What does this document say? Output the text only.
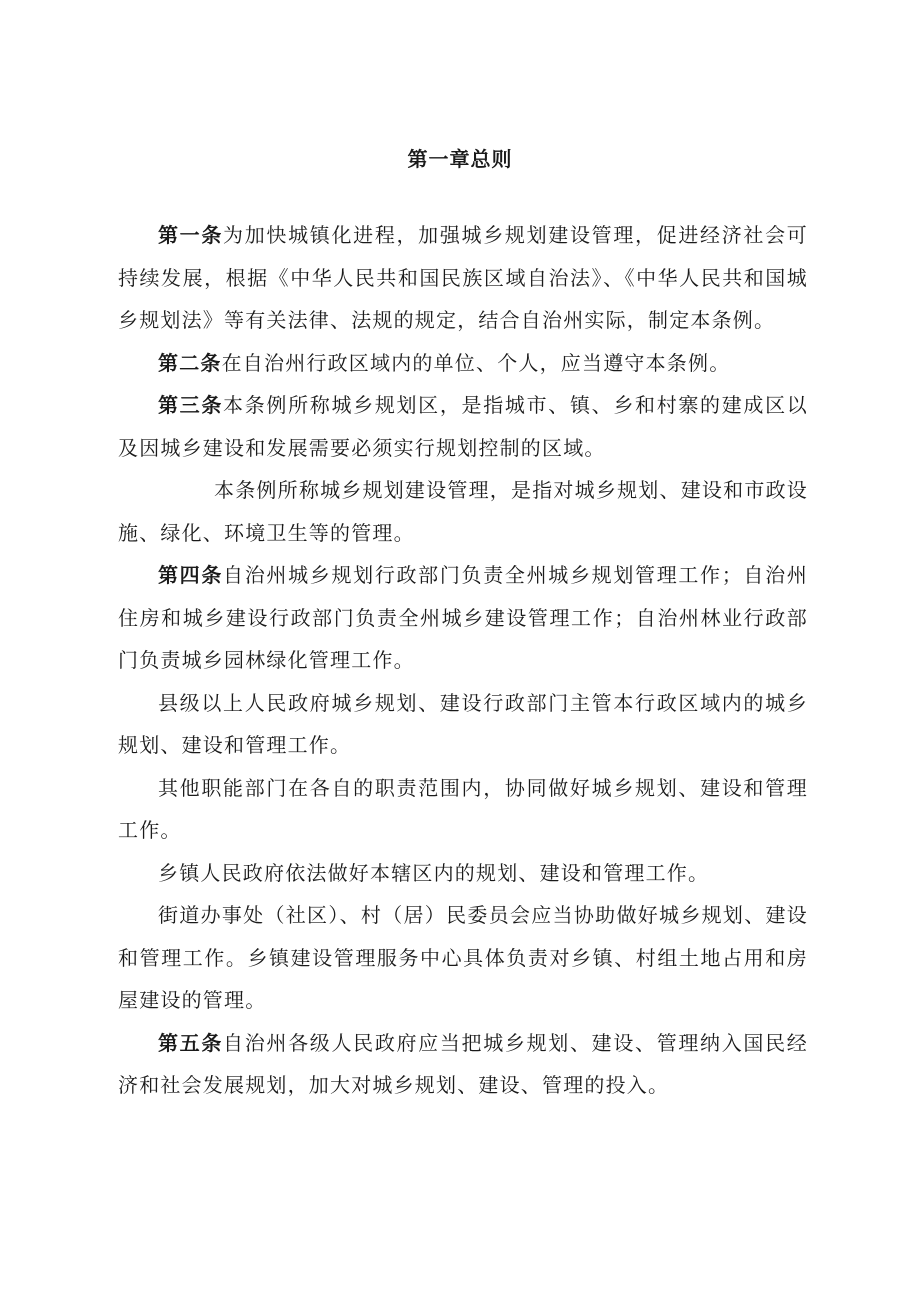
第一章总则

第一条为加快城镇化进程，加强城乡规划建设管理，促进经济社会可持续发展，根据《中华人民共和国民族区域自治法》、《中华人民共和国城乡规划法》等有关法律、法规的规定，结合自治州实际，制定本条例。

第二条在自治州行政区域内的单位、个人，应当遵守本条例。

第三条本条例所称城乡规划区，是指城市、镇、乡和村寨的建成区以及因城乡建设和发展需要必须实行规划控制的区域。

本条例所称城乡规划建设管理，是指对城乡规划、建设和市政设施、绿化、环境卫生等的管理。

第四条自治州城乡规划行政部门负责全州城乡规划管理工作；自治州住房和城乡建设行政部门负责全州城乡建设管理工作；自治州林业行政部门负责城乡园林绿化管理工作。

县级以上人民政府城乡规划、建设行政部门主管本行政区域内的城乡规划、建设和管理工作。

其他职能部门在各自的职责范围内，协同做好城乡规划、建设和管理工作。

乡镇人民政府依法做好本辖区内的规划、建设和管理工作。

街道办事处（社区）、村（居）民委员会应当协助做好城乡规划、建设和管理工作。乡镇建设管理服务中心具体负责对乡镇、村组土地占用和房屋建设的管理。

第五条自治州各级人民政府应当把城乡规划、建设、管理纳入国民经济和社会发展规划，加大对城乡规划、建设、管理的投入。
